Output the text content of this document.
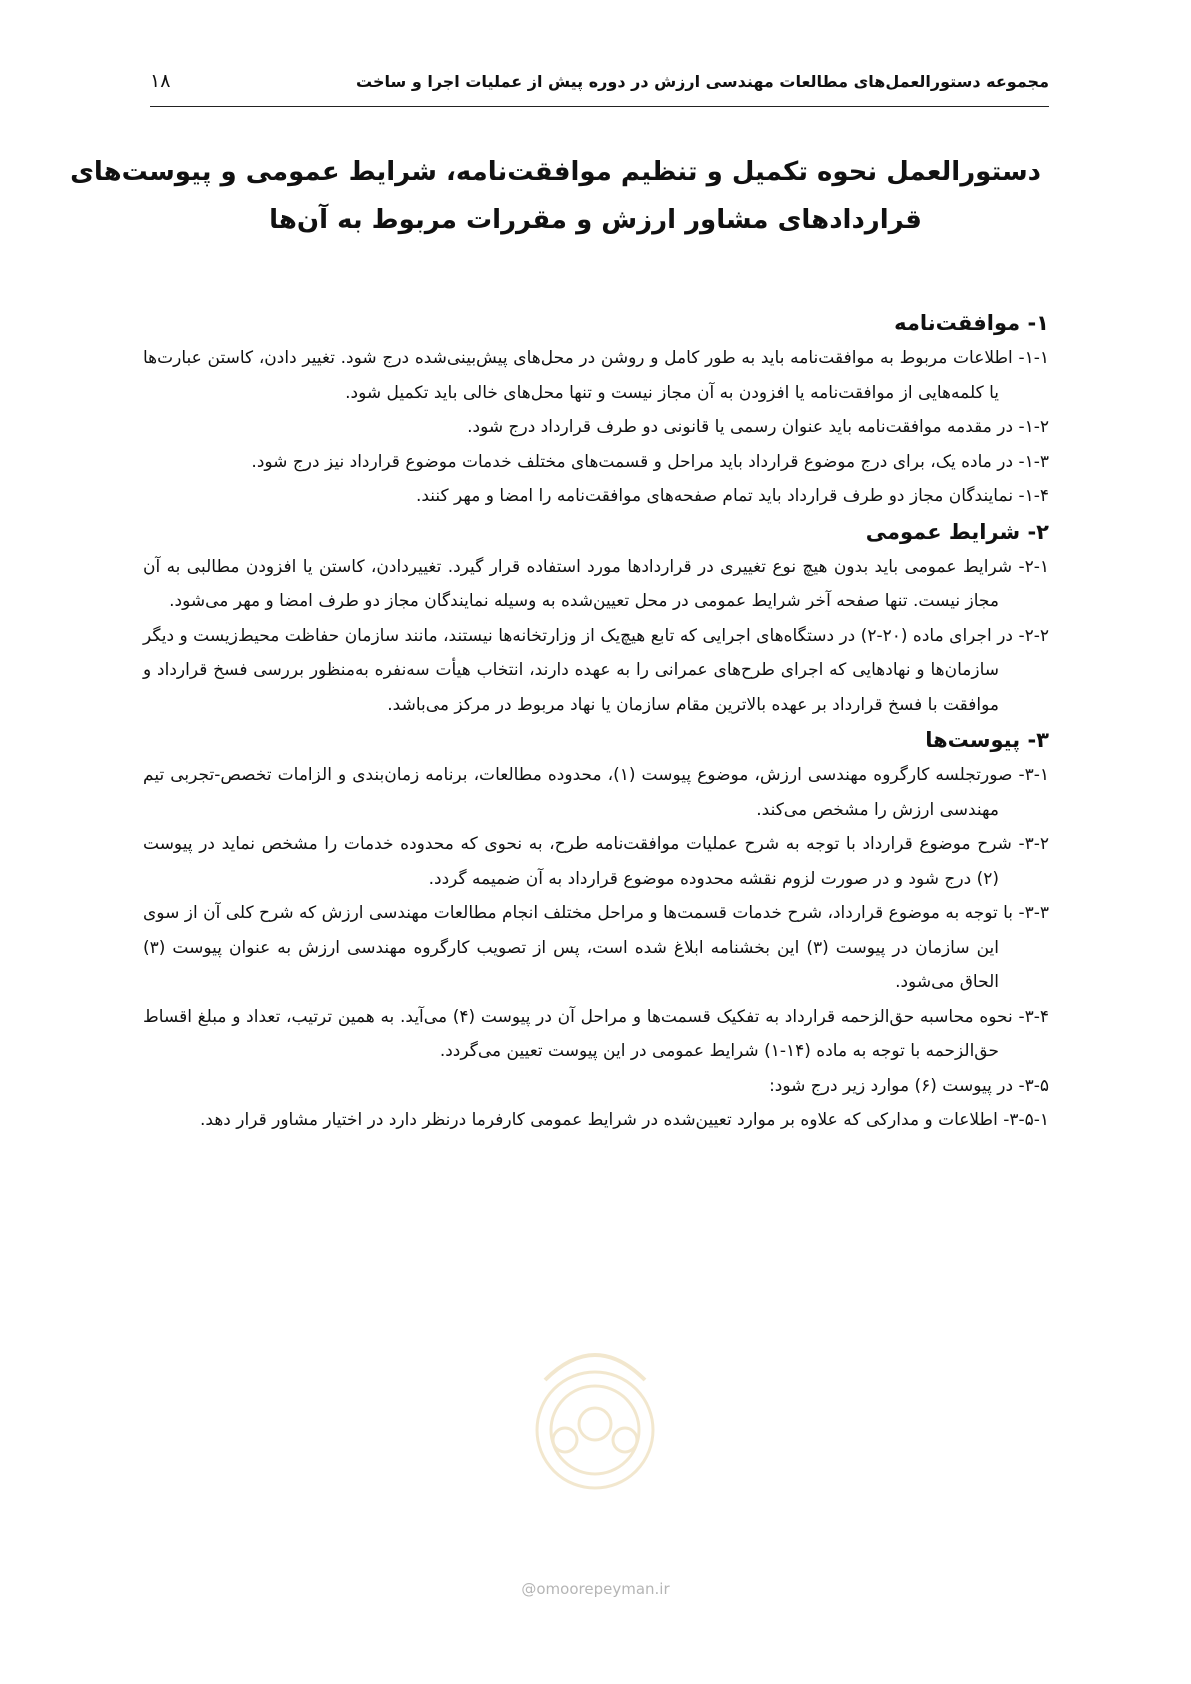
مجموعه دستورالعمل‌های مطالعات مهندسی ارزش در دوره پیش از عملیات اجرا و ساخت
۱۸
دستورالعمل نحوه تکمیل و تنظیم موافقت‌نامه، شرایط عمومی و پیوست‌های
قراردادهای مشاور ارزش و مقررات مربوط به آن‌ها
۱- موافقت‌نامه

۱-۱- اطلاعات مربوط به موافقت‌نامه باید به طور کامل و روشن در محل‌های پیش‌بینی‌شده درج شود. تغییر دادن، کاستن عبارت‌ها یا کلمه‌هایی از موافقت‌نامه یا افزودن به آن مجاز نیست و تنها محل‌های خالی باید تکمیل شود.

۱-۲- در مقدمه موافقت‌نامه باید عنوان رسمی یا قانونی دو طرف قرارداد درج شود.

۱-۳- در ماده یک، برای درج موضوع قرارداد باید مراحل و قسمت‌های مختلف خدمات موضوع قرارداد نیز درج شود.

۱-۴- نمایندگان مجاز دو طرف قرارداد باید تمام صفحه‌های موافقت‌نامه را امضا و مهر کنند.

۲- شرایط عمومی

۲-۱- شرایط عمومی باید بدون هیچ نوع تغییری در قراردادها مورد استفاده قرار گیرد. تغییردادن، کاستن یا افزودن مطالبی به آن مجاز نیست. تنها صفحه آخر شرایط عمومی در محل تعیین‌شده به وسیله نمایندگان مجاز دو طرف امضا و مهر می‌شود.

۲-۲- در اجرای ماده (۲۰-۲) در دستگاه‌های اجرایی که تابع هیچ‌یک از وزارتخانه‌ها نیستند، مانند سازمان حفاظت محیط‌زیست و دیگر سازمان‌ها و نهادهایی که اجرای طرح‌های عمرانی را به عهده دارند، انتخاب هیأت سه‌نفره به‌منظور بررسی فسخ قرارداد و موافقت با فسخ قرارداد بر عهده بالاترین مقام سازمان یا نهاد مربوط در مرکز می‌باشد.

۳- پیوست‌ها

۳-۱- صورتجلسه کارگروه مهندسی ارزش، موضوع پیوست (۱)، محدوده مطالعات، برنامه زمان‌بندی و الزامات تخصص-تجربی تیم مهندسی ارزش را مشخص می‌کند.

۳-۲- شرح موضوع قرارداد با توجه به شرح عملیات موافقت‌نامه طرح، به نحوی که محدوده خدمات را مشخص نماید در پیوست (۲) درج شود و در صورت لزوم نقشه محدوده موضوع قرارداد به آن ضمیمه گردد.

۳-۳- با توجه به موضوع قرارداد، شرح خدمات قسمت‌ها و مراحل مختلف انجام مطالعات مهندسی ارزش که شرح کلی آن از سوی این سازمان در پیوست (۳) این بخشنامه ابلاغ شده است، پس از تصویب کارگروه مهندسی ارزش به عنوان پیوست (۳) الحاق می‌شود.

۳-۴- نحوه محاسبه حق‌الزحمه قرارداد به تفکیک قسمت‌ها و مراحل آن در پیوست (۴) می‌آید. به همین ترتیب، تعداد و مبلغ اقساط حق‌الزحمه با توجه به ماده (۱۴-۱) شرایط عمومی در این پیوست تعیین می‌گردد.

۳-۵- در پیوست (۶) موارد زیر درج شود:

۳-۵-۱- اطلاعات و مدارکی که علاوه بر موارد تعیین‌شده در شرایط عمومی کارفرما درنظر دارد در اختیار مشاور قرار دهد.

@omoorepeyman.ir
